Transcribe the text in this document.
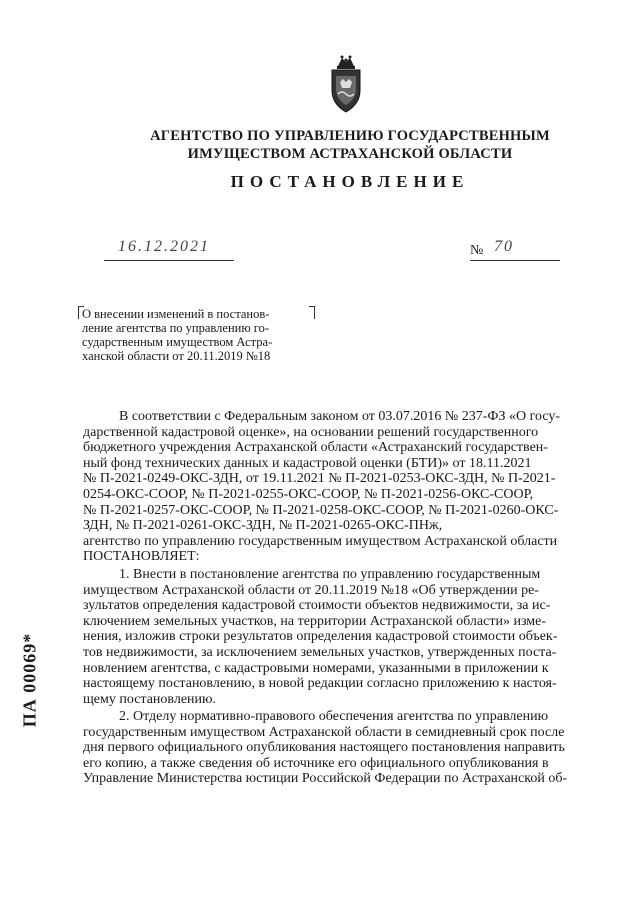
АГЕНТСТВО ПО УПРАВЛЕНИЮ ГОСУДАРСТВЕННЫМ
ИМУЩЕСТВОМ АСТРАХАНСКОЙ ОБЛАСТИ
ПОСТАНОВЛЕНИЕ
16.12.2021	№ 70
О внесении изменений в постанов-
ление агентства по управлению го-
сударственным имуществом Астра-
ханской области от 20.11.2019 №18
В соответствии с Федеральным законом от 03.07.2016 № 237-ФЗ «О госу-
дарственной кадастровой оценке», на основании решений государственного
бюджетного учреждения Астраханской области «Астраханский государствен-
ный фонд технических данных и кадастровой оценки (БТИ)» от 18.11.2021
№ П-2021-0249-ОКС-ЗДН, от 19.11.2021 № П-2021-0253-ОКС-ЗДН, № П-2021-
0254-ОКС-СООР, № П-2021-0255-ОКС-СООР, № П-2021-0256-ОКС-СООР,
№ П-2021-0257-ОКС-СООР, № П-2021-0258-ОКС-СООР, № П-2021-0260-ОКС-
ЗДН, № П-2021-0261-ОКС-ЗДН, № П-2021-0265-ОКС-ПНж,
агентство по управлению государственным имуществом Астраханской области
ПОСТАНОВЛЯЕТ:
1. Внести в постановление агентства по управлению государственным
имуществом Астраханской области от 20.11.2019 №18 «Об утверждении ре-
зультатов определения кадастровой стоимости объектов недвижимости, за ис-
ключением земельных участков, на территории Астраханской области» изме-
нения, изложив строки результатов определения кадастровой стоимости объек-
тов недвижимости, за исключением земельных участков, утвержденных поста-
новлением агентства, с кадастровыми номерами, указанными в приложении к
настоящему постановлению, в новой редакции согласно приложению к настоя-
щему постановлению.
2. Отделу нормативно-правового обеспечения агентства по управлению
государственным имуществом Астраханской области в семидневный срок после
дня первого официального опубликования настоящего постановления направить
его копию, а также сведения об источнике его официального опубликования в
Управление Министерства юстиции Российской Федерации по Астраханской об-
ПА 00069*
